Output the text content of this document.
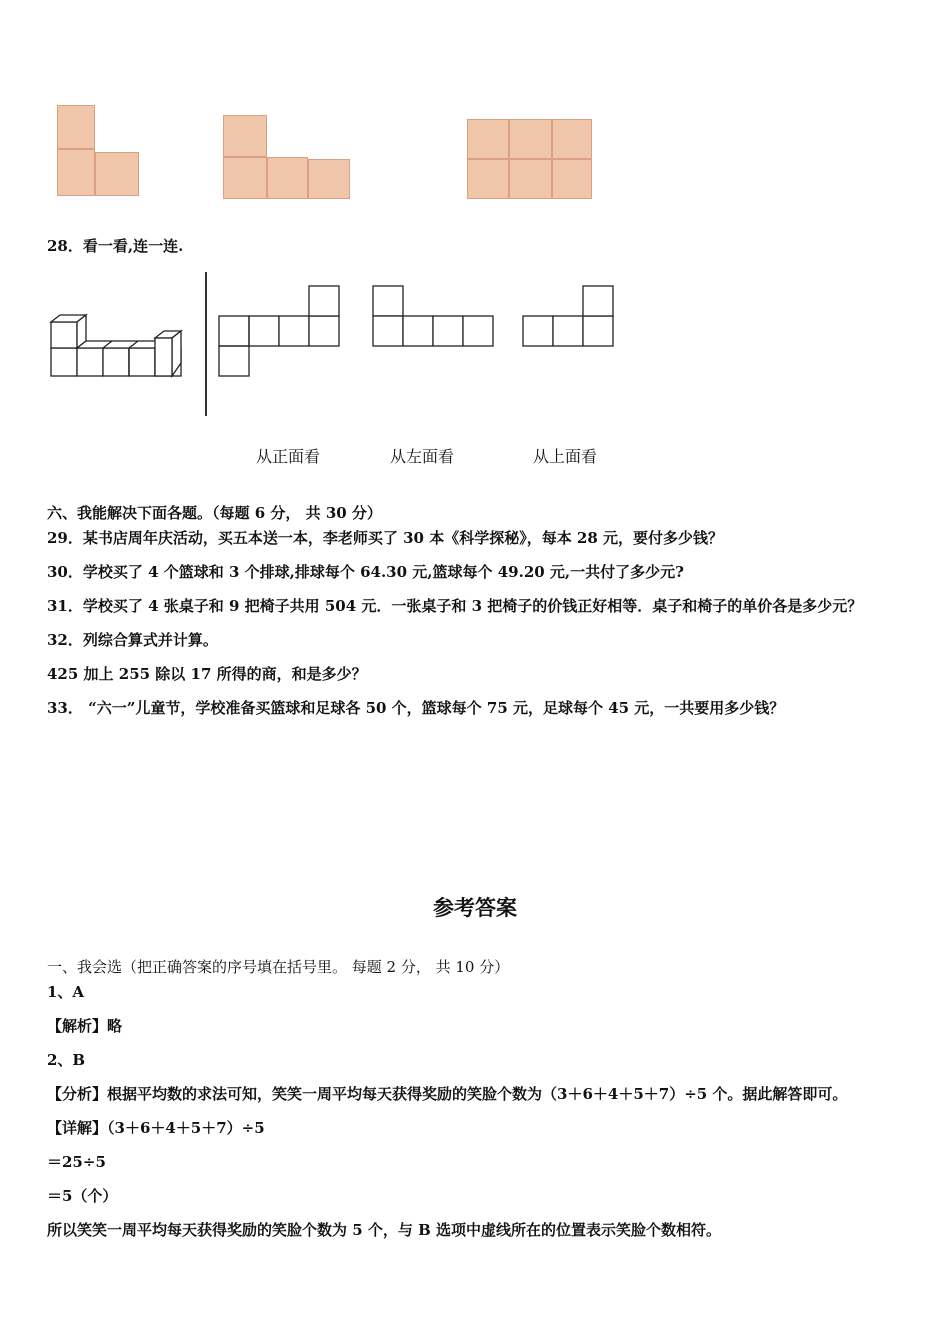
28．看一看,连一连.
从正面看	从左面看	从上面看
六、我能解决下面各题。（每题 6 分， 共 30 分）
29．某书店周年庆活动，买五本送一本，李老师买了 30 本《科学探秘》，每本 28 元，要付多少钱？
30．学校买了 4 个篮球和 3 个排球,排球每个 64.30 元,篮球每个 49.20 元,一共付了多少元?
31．学校买了 4 张桌子和 9 把椅子共用 504 元．一张桌子和 3 把椅子的价钱正好相等．桌子和椅子的单价各是多少元？
32．列综合算式并计算。
425 加上 255 除以 17 所得的商，和是多少？
33． “六一”儿童节，学校准备买篮球和足球各 50 个，篮球每个 75 元，足球每个 45 元，一共要用多少钱？
参考答案
一、我会选（把正确答案的序号填在括号里。 每题 2 分， 共 10 分）
1、A
【解析】略
2、B
【分析】根据平均数的求法可知，笑笑一周平均每天获得奖励的笑脸个数为（3＋6＋4＋5＋7）÷5 个。据此解答即可。
【详解】（3＋6＋4＋5＋7）÷5
＝25÷5
＝5（个）
所以笑笑一周平均每天获得奖励的笑脸个数为 5 个，与 B 选项中虚线所在的位置表示笑脸个数相符。
